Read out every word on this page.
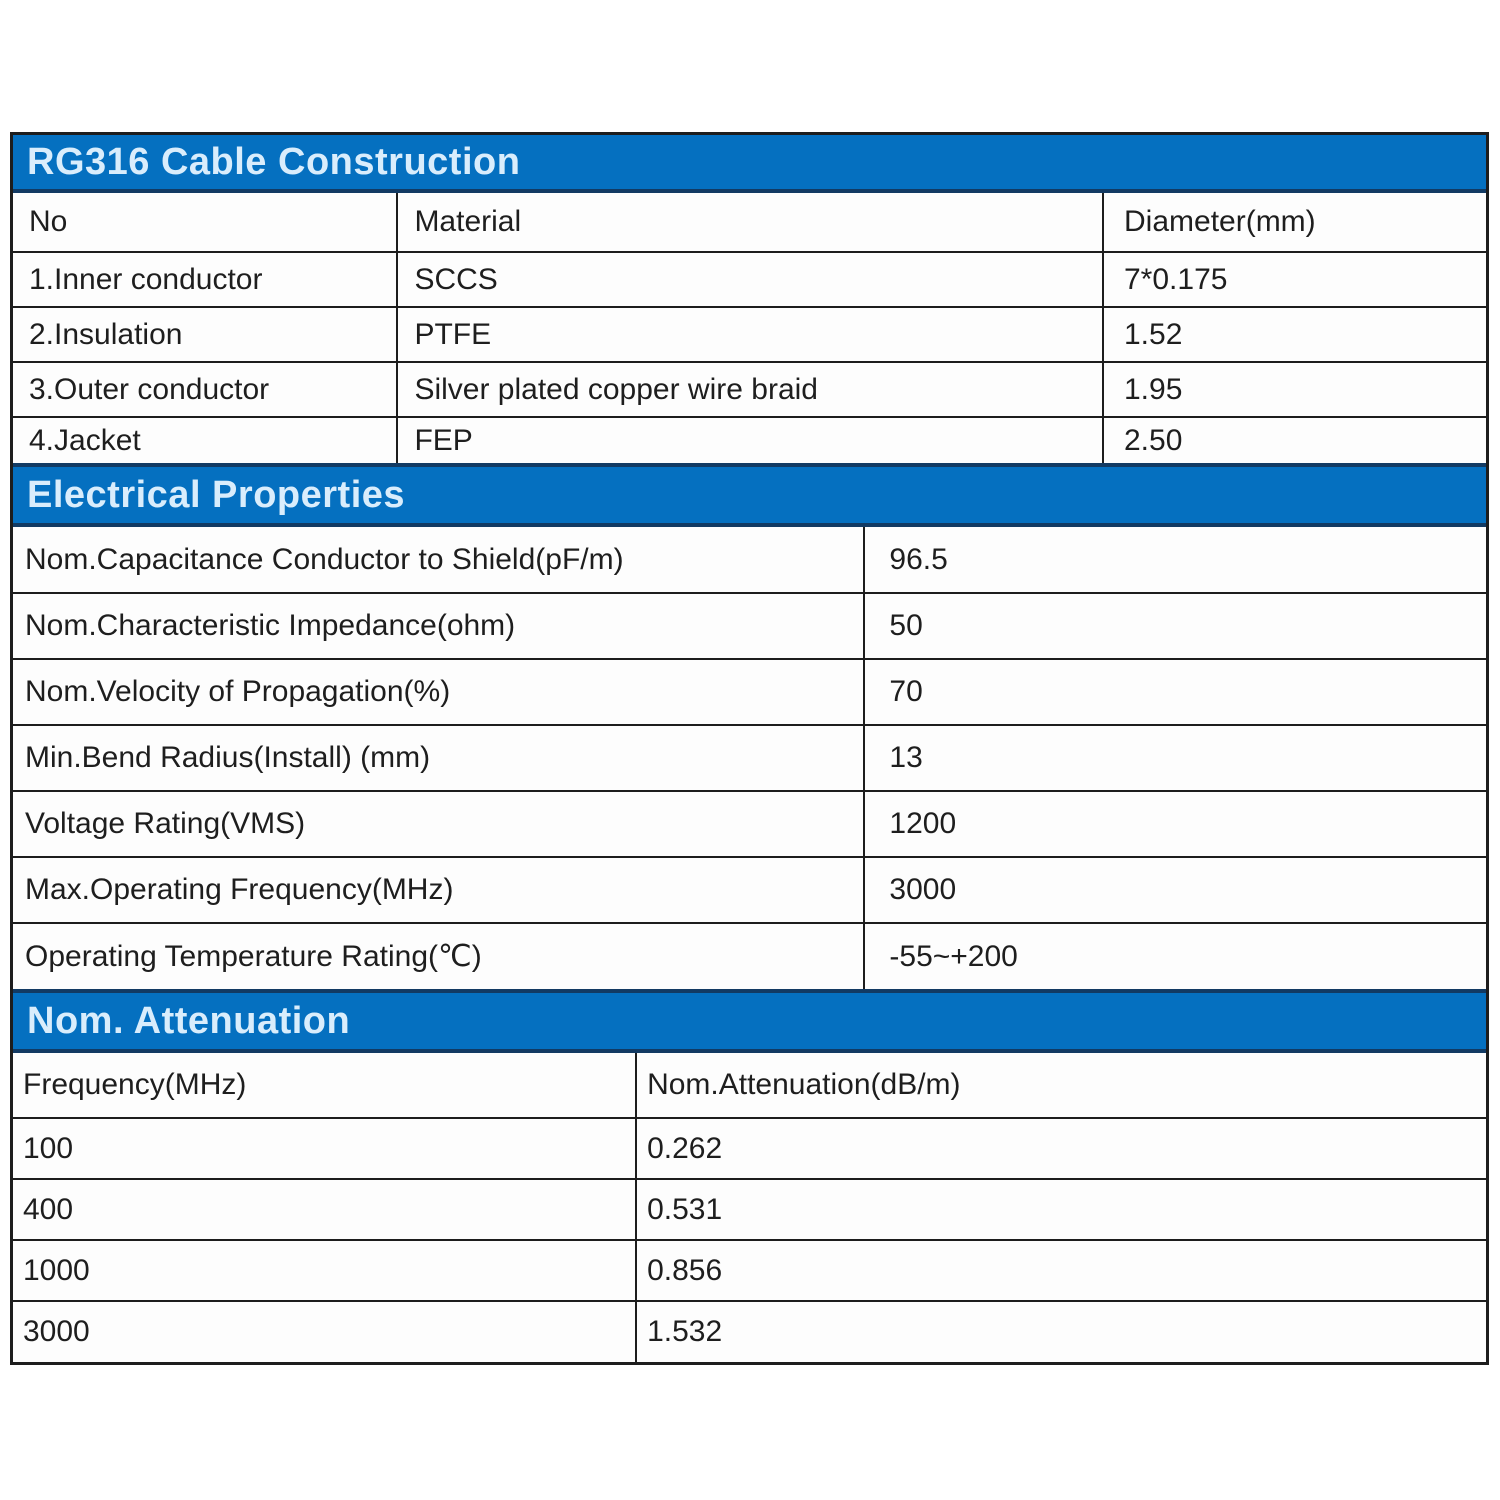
RG316 Cable Construction
No	Material	Diameter(mm)
1.Inner conductor	SCCS	7*0.175
2.Insulation	PTFE	1.52
3.Outer conductor	Silver plated copper wire braid	1.95
4.Jacket	FEP	2.50
Electrical Properties
Nom.Capacitance Conductor to Shield(pF/m)	96.5
Nom.Characteristic Impedance(ohm)	50
Nom.Velocity of Propagation(%)	70
Min.Bend Radius(Install) (mm)	13
Voltage Rating(VMS)	1200
Max.Operating Frequency(MHz)	3000
Operating Temperature Rating(℃)	-55~+200
Nom. Attenuation
Frequency(MHz)	Nom.Attenuation(dB/m)
100	0.262
400	0.531
1000	0.856
3000	1.532
